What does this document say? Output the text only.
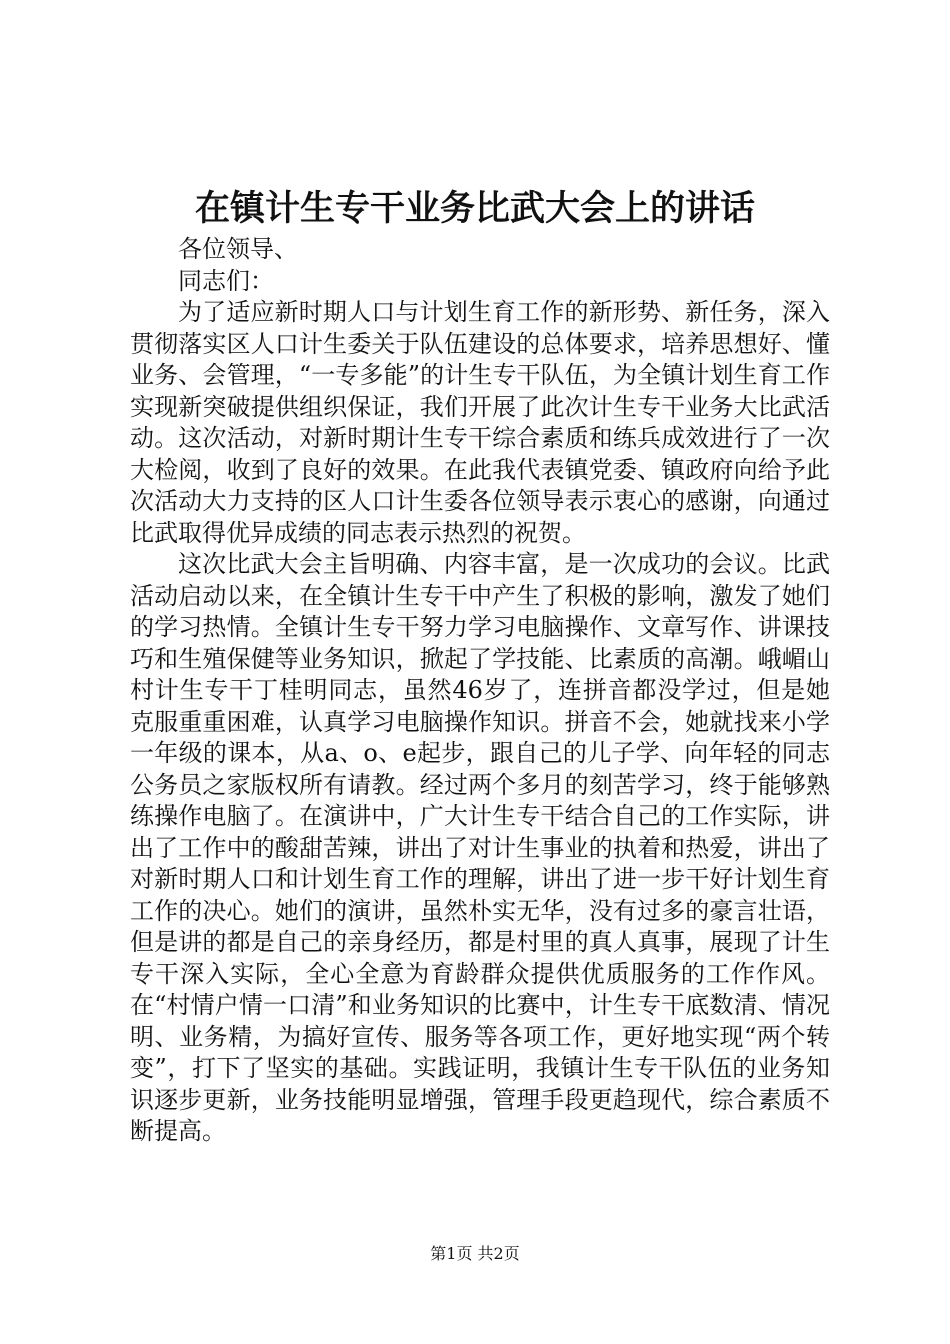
在镇计生专干业务比武大会上的讲话

各位领导、

同志们：

为了适应新时期人口与计划生育工作的新形势、新任务，深入贯彻落实区人口计生委关于队伍建设的总体要求，培养思想好、懂业务、会管理，“一专多能”的计生专干队伍，为全镇计划生育工作实现新突破提供组织保证，我们开展了此次计生专干业务大比武活动。这次活动，对新时期计生专干综合素质和练兵成效进行了一次大检阅，收到了良好的效果。在此我代表镇党委、镇政府向给予此次活动大力支持的区人口计生委各位领导表示衷心的感谢，向通过比武取得优异成绩的同志表示热烈的祝贺。

这次比武大会主旨明确、内容丰富，是一次成功的会议。比武活动启动以来，在全镇计生专干中产生了积极的影响，激发了她们的学习热情。全镇计生专干努力学习电脑操作、文章写作、讲课技巧和生殖保健等业务知识，掀起了学技能、比素质的高潮。峨嵋山村计生专干丁桂明同志，虽然46岁了，连拼音都没学过，但是她克服重重困难，认真学习电脑操作知识。拼音不会，她就找来小学一年级的课本，从a、o、e起步，跟自己的儿子学、向年轻的同志公务员之家版权所有请教。经过两个多月的刻苦学习，终于能够熟练操作电脑了。在演讲中，广大计生专干结合自己的工作实际，讲出了工作中的酸甜苦辣，讲出了对计生事业的执着和热爱，讲出了对新时期人口和计划生育工作的理解，讲出了进一步干好计划生育工作的决心。她们的演讲，虽然朴实无华，没有过多的豪言壮语，但是讲的都是自己的亲身经历，都是村里的真人真事，展现了计生专干深入实际，全心全意为育龄群众提供优质服务的工作作风。在“村情户情一口清”和业务知识的比赛中，计生专干底数清、情况明、业务精，为搞好宣传、服务等各项工作，更好地实现“两个转变”，打下了坚实的基础。实践证明，我镇计生专干队伍的业务知识逐步更新，业务技能明显增强，管理手段更趋现代，综合素质不断提高。

第1页 共2页
